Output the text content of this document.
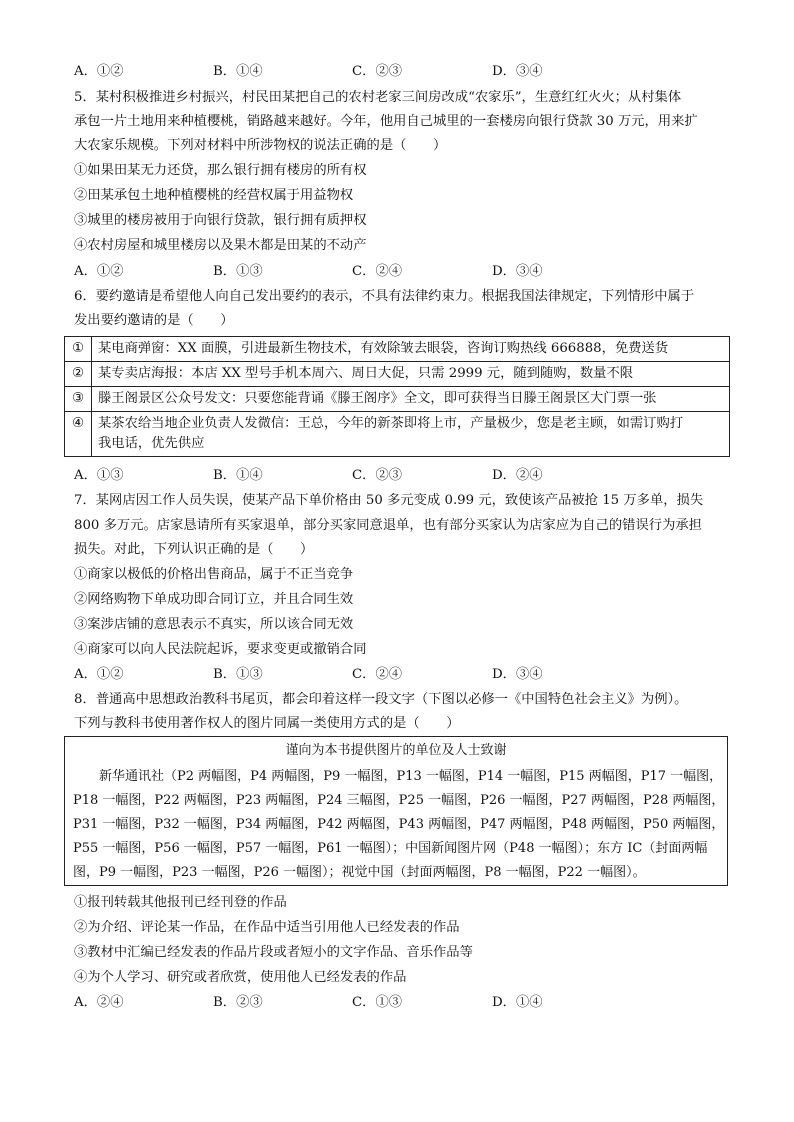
A．①②	B．①④	C．②③	D．③④
5．某村积极推进乡村振兴，村民田某把自己的农村老家三间房改成“农家乐”，生意红红火火；从村集体
承包一片土地用来种植樱桃，销路越来越好。今年，他用自己城里的一套楼房向银行贷款 30 万元，用来扩
大农家乐规模。下列对材料中所涉物权的说法正确的是（　　）
①如果田某无力还贷，那么银行拥有楼房的所有权
②田某承包土地种植樱桃的经营权属于用益物权
③城里的楼房被用于向银行贷款，银行拥有质押权
④农村房屋和城里楼房以及果木都是田某的不动产
A．①②	B．①③	C．②④	D．③④
6．要约邀请是希望他人向自己发出要约的表示，不具有法律约束力。根据我国法律规定，下列情形中属于
发出要约邀请的是（　　）
①	某电商弹窗：XX 面膜，引进最新生物技术，有效除皱去眼袋，咨询订购热线 666888，免费送货
②	某专卖店海报：本店 XX 型号手机本周六、周日大促，只需 2999 元，随到随购，数量不限
③	滕王阁景区公众号发文：只要您能背诵《滕王阁序》全文，即可获得当日滕王阁景区大门票一张
④	某茶农给当地企业负责人发微信：王总，今年的新茶即将上市，产量极少，您是老主顾，如需订购打
我电话，优先供应
A．①③	B．①④	C．②③	D．②④
7．某网店因工作人员失误，使某产品下单价格由 50 多元变成 0.99 元，致使该产品被抢 15 万多单，损失
800 多万元。店家恳请所有买家退单，部分买家同意退单，也有部分买家认为店家应为自己的错误行为承担
损失。对此，下列认识正确的是（　　）
①商家以极低的价格出售商品，属于不正当竞争
②网络购物下单成功即合同订立，并且合同生效
③案涉店铺的意思表示不真实，所以该合同无效
④商家可以向人民法院起诉，要求变更或撤销合同
A．①②	B．①③	C．②④	D．③④
8．普通高中思想政治教科书尾页，都会印着这样一段文字（下图以必修一《中国特色社会主义》为例）。
下列与教科书使用著作权人的图片同属一类使用方式的是（　　）
谨向为本书提供图片的单位及人士致谢
　　新华通讯社（P2 两幅图，P4 两幅图，P9 一幅图，P13 一幅图，P14 一幅图，P15 两幅图，P17 一幅图，
P18 一幅图，P22 两幅图，P23 两幅图，P24 三幅图，P25 一幅图，P26 一幅图，P27 两幅图，P28 两幅图，
P31 一幅图，P32 一幅图，P34 两幅图，P42 两幅图，P43 两幅图，P47 两幅图，P48 两幅图，P50 两幅图，
P55 一幅图，P56 一幅图，P57 一幅图，P61 一幅图）；中国新闻图片网（P48 一幅图）；东方 IC（封面两幅
图，P9 一幅图，P23 一幅图，P26 一幅图）；视觉中国（封面两幅图，P8 一幅图，P22 一幅图）。
①报刊转载其他报刊已经刊登的作品
②为介绍、评论某一作品，在作品中适当引用他人已经发表的作品
③教材中汇编已经发表的作品片段或者短小的文字作品、音乐作品等
④为个人学习、研究或者欣赏，使用他人已经发表的作品
A．②④	B．②③	C．①③	D．①④
